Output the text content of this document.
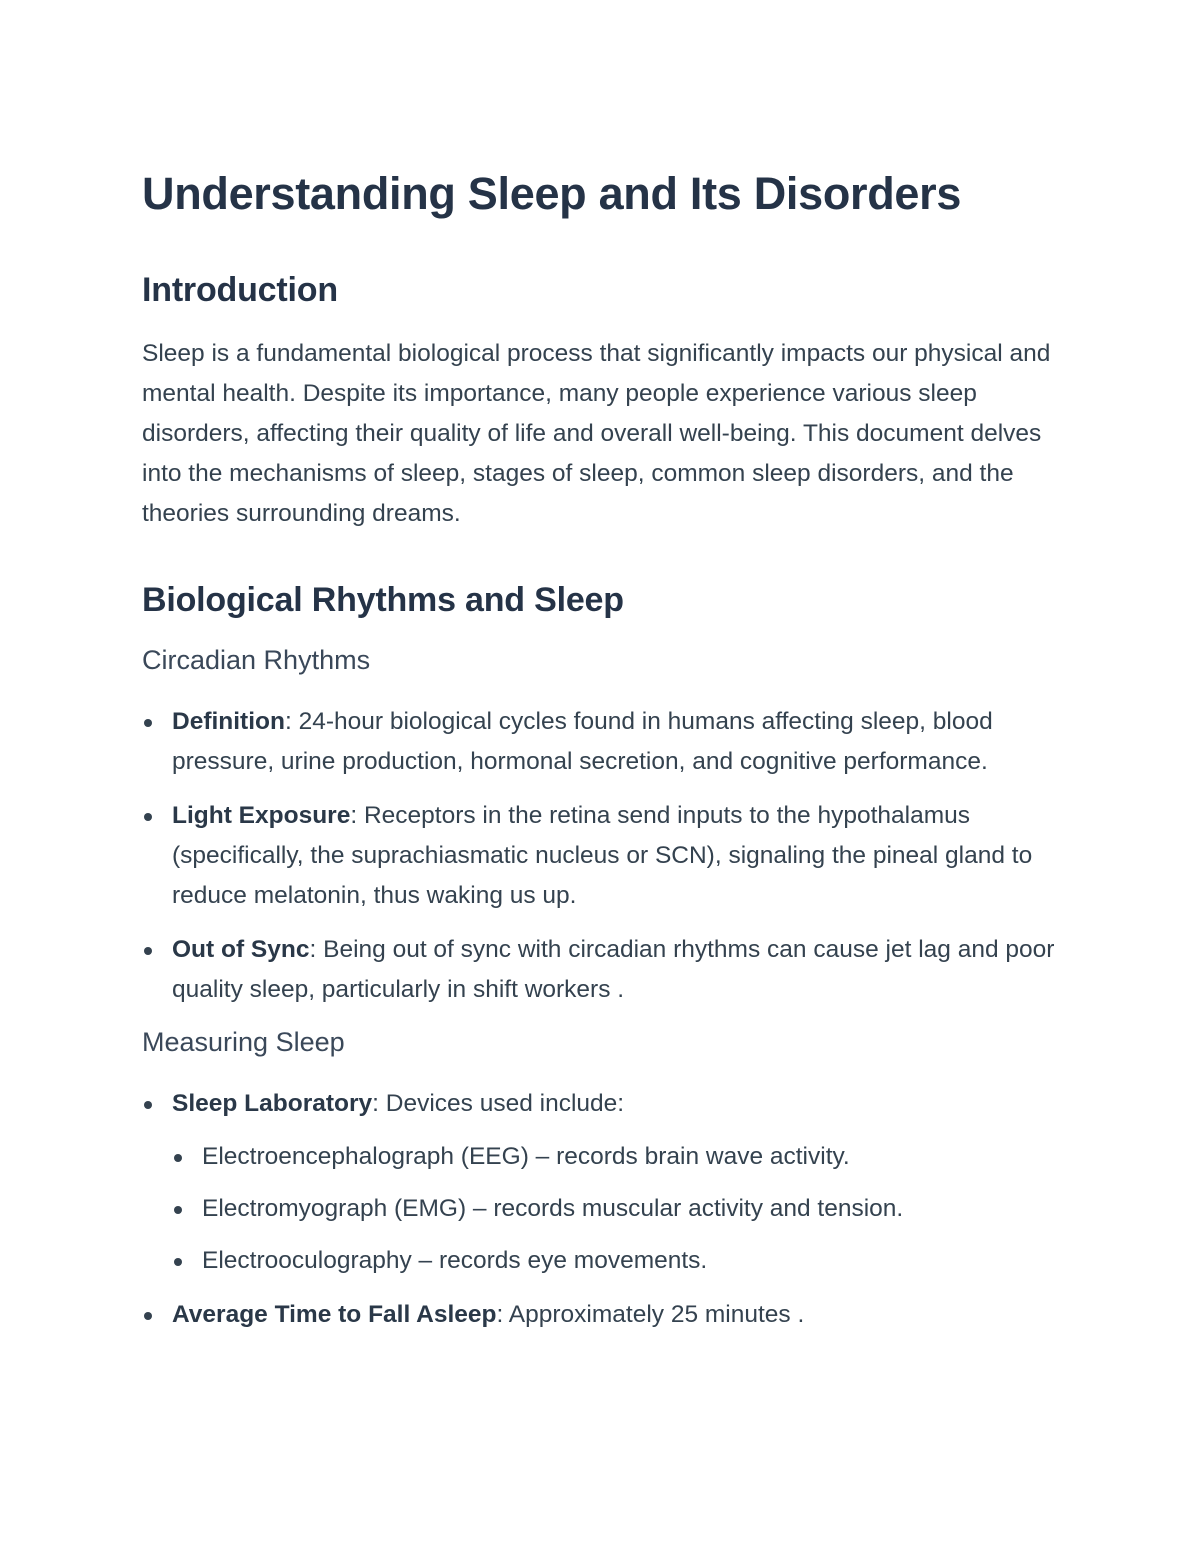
Understanding Sleep and Its Disorders
Introduction

Sleep is a fundamental biological process that significantly impacts our physical and mental health. Despite its importance, many people experience various sleep disorders, affecting their quality of life and overall well-being. This document delves into the mechanisms of sleep, stages of sleep, common sleep disorders, and the theories surrounding dreams.

Biological Rhythms and Sleep
Circadian Rhythms
Definition: 24-hour biological cycles found in humans affecting sleep, blood pressure, urine production, hormonal secretion, and cognitive performance.
Light Exposure: Receptors in the retina send inputs to the hypothalamus (specifically, the suprachiasmatic nucleus or SCN), signaling the pineal gland to reduce melatonin, thus waking us up.
Out of Sync: Being out of sync with circadian rhythms can cause jet lag and poor quality sleep, particularly in shift workers .
Measuring Sleep
Sleep Laboratory: Devices used include:
Electroencephalograph (EEG) – records brain wave activity.
Electromyograph (EMG) – records muscular activity and tension.
Electrooculography – records eye movements.
Average Time to Fall Asleep: Approximately 25 minutes .
